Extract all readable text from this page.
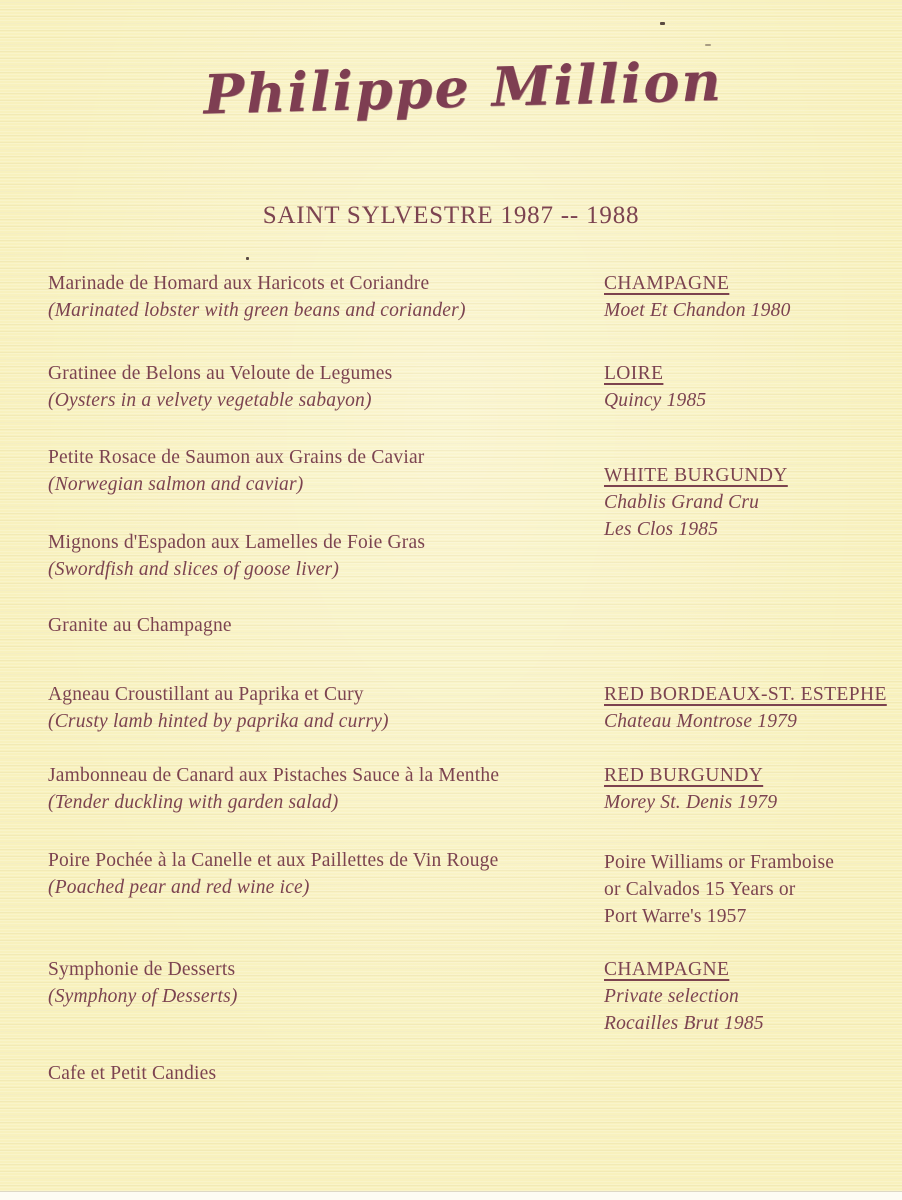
Philippe Million
SAINT SYLVESTRE 1987 -- 1988
Marinade de Homard aux Haricots et Coriandre
(Marinated lobster with green beans and coriander)
CHAMPAGNE
Moet Et Chandon 1980
Gratinee de Belons au Veloute de Legumes
(Oysters in a velvety vegetable sabayon)
LOIRE
Quincy 1985
Petite Rosace de Saumon aux Grains de Caviar
(Norwegian salmon and caviar)	WHITE BURGUNDY
Chablis Grand Cru
Les Clos 1985
Mignons d'Espadon aux Lamelles de Foie Gras
(Swordfish and slices of goose liver)
Granite au Champagne
Agneau Croustillant au Paprika et Cury
(Crusty lamb hinted by paprika and curry)
RED BORDEAUX-ST. ESTEPHE
Chateau Montrose 1979
Jambonneau de Canard aux Pistaches Sauce à la Menthe
(Tender duckling with garden salad)
RED BURGUNDY
Morey St. Denis 1979
Poire Pochée à la Canelle et aux Paillettes de Vin Rouge
(Poached pear and red wine ice)
Poire Williams or Framboise
or Calvados 15 Years or
Port Warre's 1957
Symphonie de Desserts
(Symphony of Desserts)
CHAMPAGNE
Private selection
Rocailles Brut 1985
Cafe et Petit Candies
